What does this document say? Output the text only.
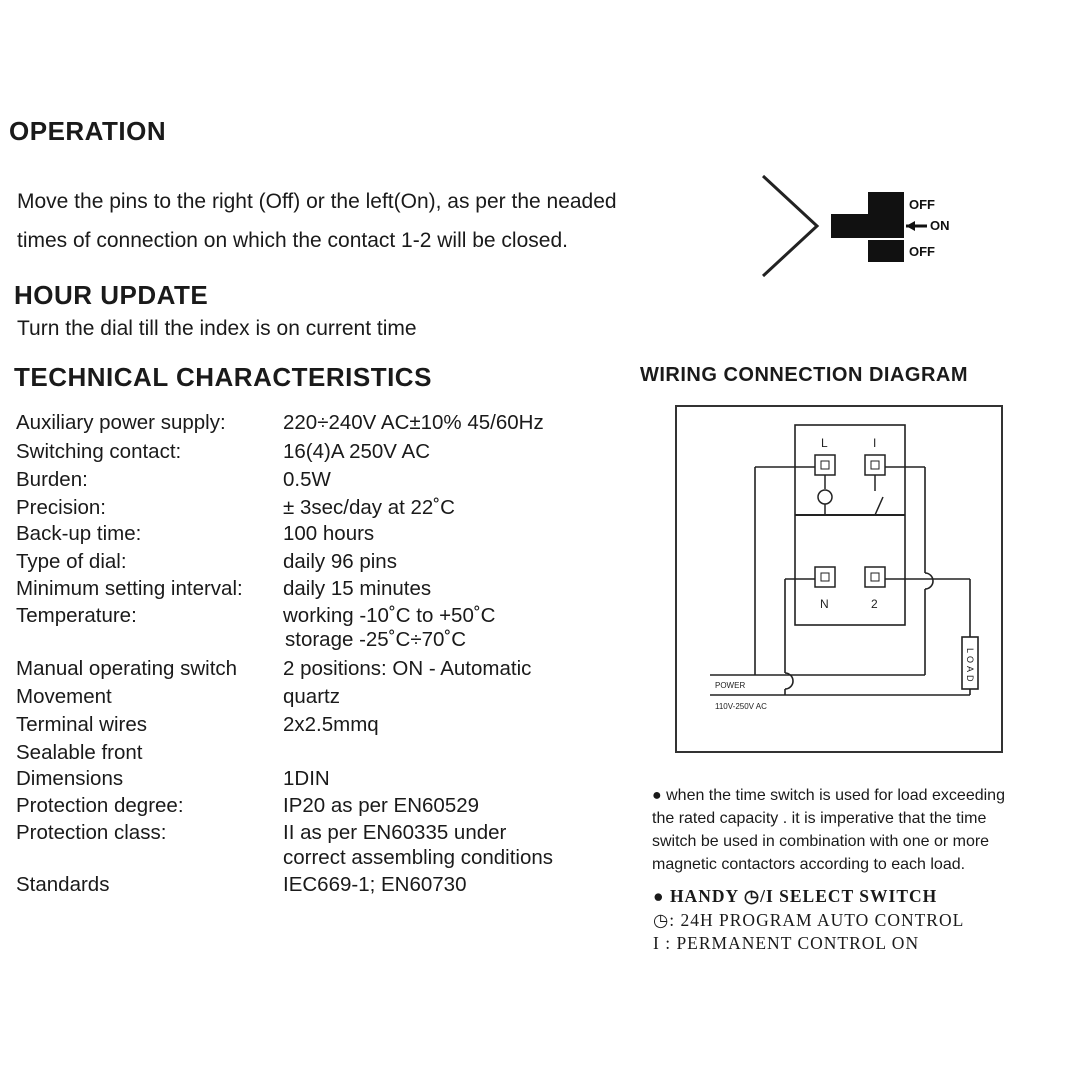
OPERATION
Move the pins to the right (Off) or the left(On), as per the neaded
times of connection on which the contact 1-2 will be closed.
OFF
ON
OFF
HOUR UPDATE
Turn the dial till the index is on current time
TECHNICAL CHARACTERISTICS
Auxiliary power supply:	220÷240V AC±10% 45/60Hz
Switching contact:	16(4)A 250V AC
Burden:	0.5W
Precision:	± 3sec/day at 22˚C
Back-up time:	100 hours
Type of dial:	daily 96 pins
Minimum setting interval: daily 15 minutes
Temperature:	working -10˚C to +50˚C
storage -25˚C÷70˚C
Manual operating switch 2 positions: ON - Automatic
Movement	quartz
Terminal wires	2x2.5mmq
Sealable front
Dimensions	1DIN
Protection degree:	IP20 as per EN60529
Protection class:	II as per EN60335 under
correct assembling conditions
Standards	IEC669-1; EN60730
WIRING CONNECTION DIAGRAM
L	I
N	2
LOAD
POWER
110V-250V AC
● when the time switch is used for load exceeding
the rated capacity . it is imperative that the time
switch be used in combination with one or more
magnetic contactors according to each load.
● HANDY ◷/I SELECT SWITCH
◷: 24H PROGRAM AUTO CONTROL
I : PERMANENT CONTROL ON
